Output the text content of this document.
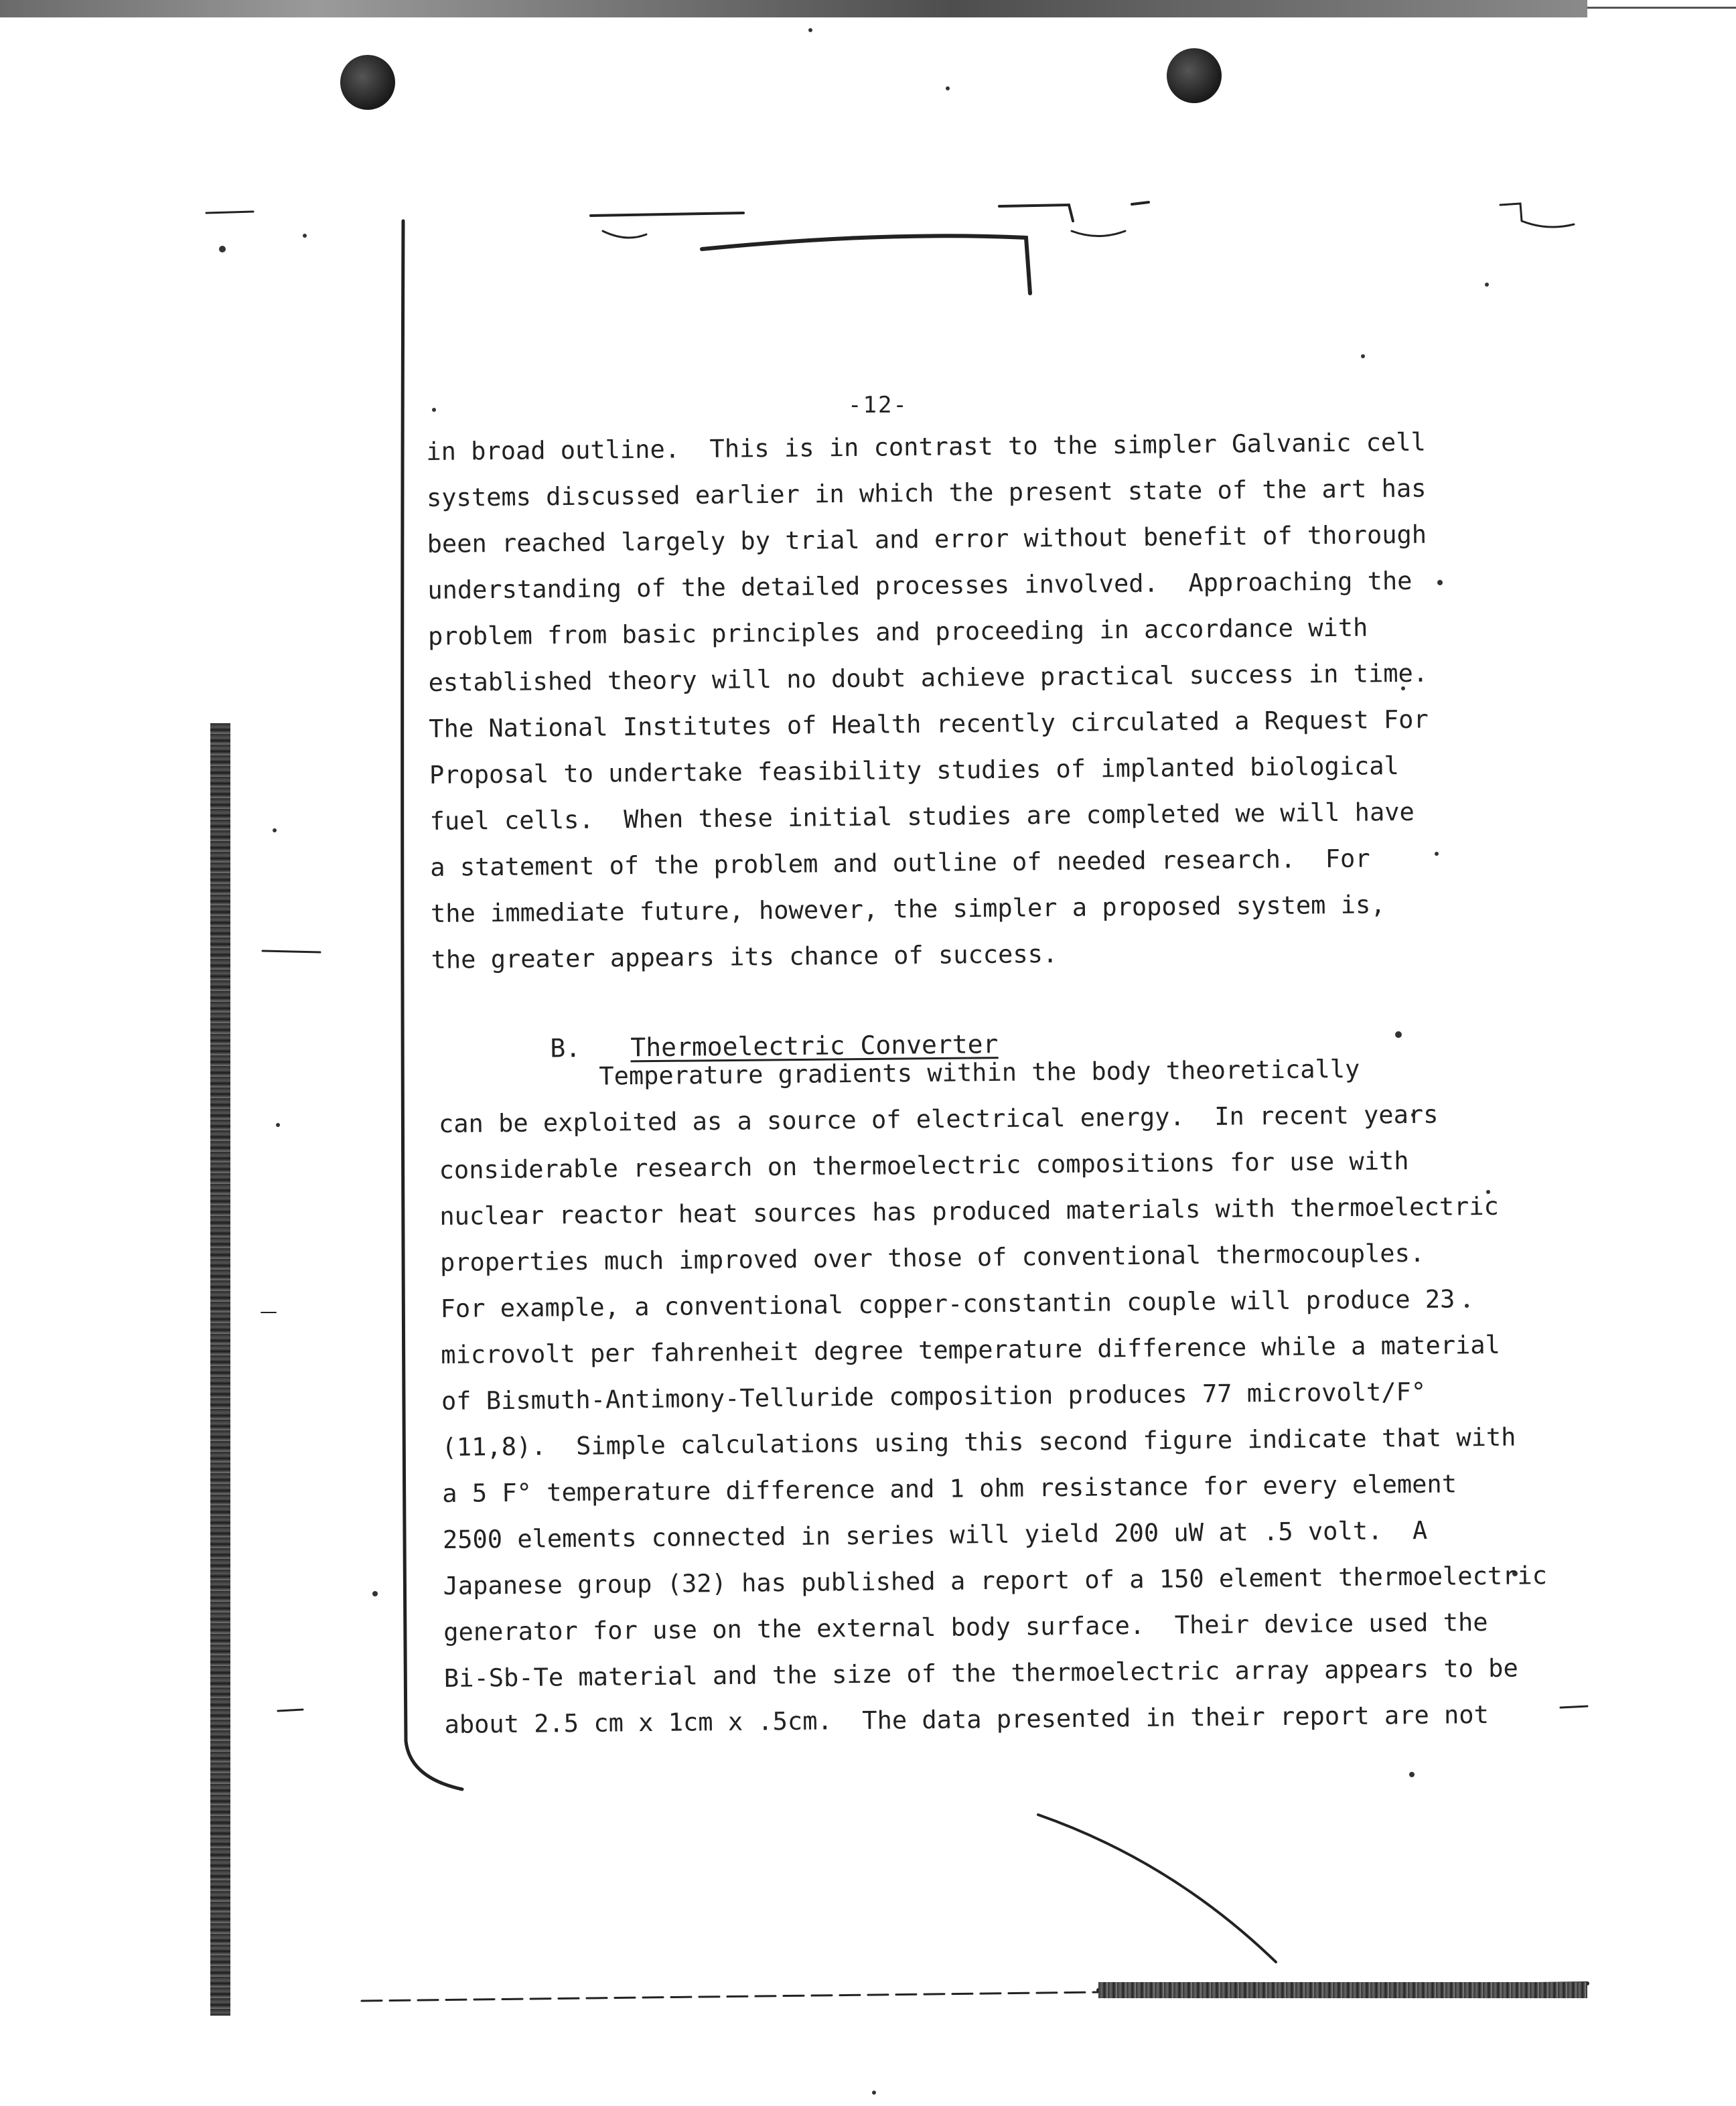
-12-
in broad outline.  This is in contrast to the simpler Galvanic cell
systems discussed earlier in which the present state of the art has
been reached largely by trial and error without benefit of thorough
understanding of the detailed processes involved.  Approaching the
problem from basic principles and proceeding in accordance with
established theory will no doubt achieve practical success in time.
The National Institutes of Health recently circulated a Request For
Proposal to undertake feasibility studies of implanted biological
fuel cells.  When these initial studies are completed we will have
a statement of the problem and outline of needed research.  For
the immediate future, however, the simpler a proposed system is,
the greater appears its chance of success.

B. Thermoelectric Converter

Temperature gradients within the body theoretically
can be exploited as a source of electrical energy.  In recent years
considerable research on thermoelectric compositions for use with
nuclear reactor heat sources has produced materials with thermoelectric
properties much improved over those of conventional thermocouples.
For example, a conventional copper-constantin couple will produce 23
microvolt per fahrenheit degree temperature difference while a material
of Bismuth-Antimony-Telluride composition produces 77 microvolt/F°
(11,8).  Simple calculations using this second figure indicate that with
a 5 F° temperature difference and 1 ohm resistance for every element
2500 elements connected in series will yield 200 uW at .5 volt.  A
Japanese group (32) has published a report of a 150 element thermoelectric
generator for use on the external body surface.  Their device used the
Bi-Sb-Te material and the size of the thermoelectric array appears to be
about 2.5 cm x 1cm x .5cm.  The data presented in their report are not
